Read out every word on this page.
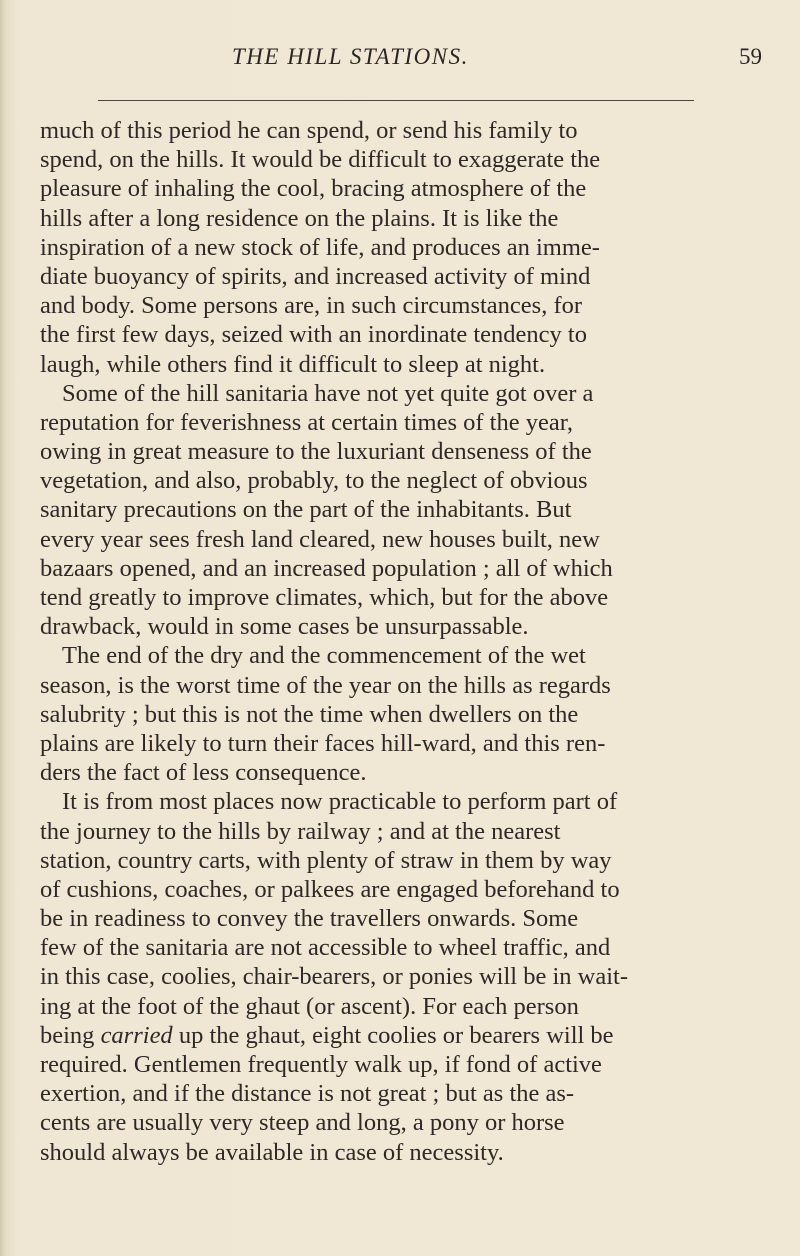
THE HILL STATIONS.	59
much of this period he can spend, or send his family to
spend, on the hills. It would be difficult to exaggerate the
pleasure of inhaling the cool, bracing atmosphere of the
hills after a long residence on the plains. It is like the
inspiration of a new stock of life, and produces an imme-
diate buoyancy of spirits, and increased activity of mind
and body. Some persons are, in such circumstances, for
the first few days, seized with an inordinate tendency to
laugh, while others find it difficult to sleep at night.
Some of the hill sanitaria have not yet quite got over a
reputation for feverishness at certain times of the year,
owing in great measure to the luxuriant denseness of the
vegetation, and also, probably, to the neglect of obvious
sanitary precautions on the part of the inhabitants. But
every year sees fresh land cleared, new houses built, new
bazaars opened, and an increased population ; all of which
tend greatly to improve climates, which, but for the above
drawback, would in some cases be unsurpassable.
The end of the dry and the commencement of the wet
season, is the worst time of the year on the hills as regards
salubrity ; but this is not the time when dwellers on the
plains are likely to turn their faces hill-ward, and this ren-
ders the fact of less consequence.
It is from most places now practicable to perform part of
the journey to the hills by railway ; and at the nearest
station, country carts, with plenty of straw in them by way
of cushions, coaches, or palkees are engaged beforehand to
be in readiness to convey the travellers onwards. Some
few of the sanitaria are not accessible to wheel traffic, and
in this case, coolies, chair-bearers, or ponies will be in wait-
ing at the foot of the ghaut (or ascent). For each person
being carried up the ghaut, eight coolies or bearers will be
required. Gentlemen frequently walk up, if fond of active
exertion, and if the distance is not great ; but as the as-
cents are usually very steep and long, a pony or horse
should always be available in case of necessity.
